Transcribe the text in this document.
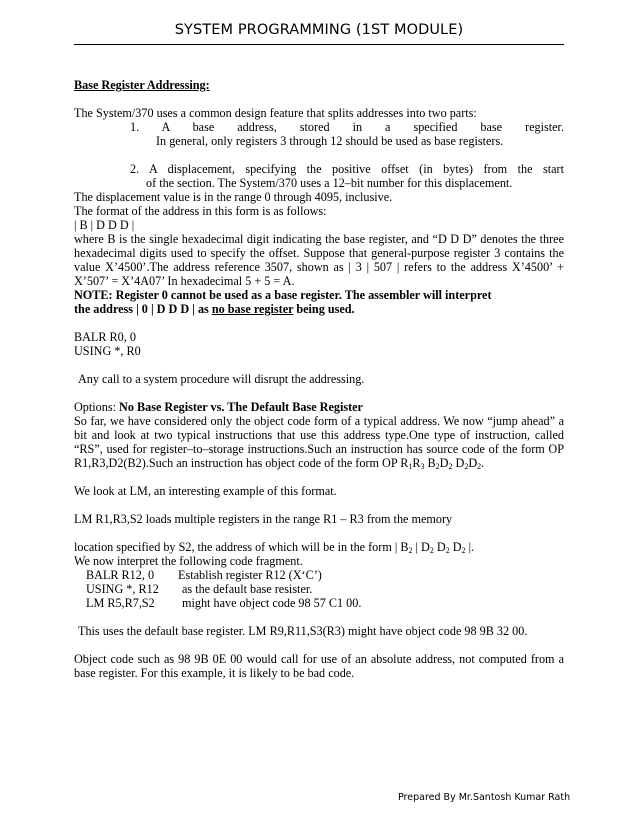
SYSTEM PROGRAMMING (1ST MODULE)

Base Register Addressing:

The System/370 uses a common design feature that splits addresses into two parts:

1. A base address, stored in a specified base register.

In general, only registers 3 through 12 should be used as base registers.

2. A displacement, specifying the positive offset (in bytes) from the start

of the section. The System/370 uses a 12–bit number for this displacement.

The displacement value is in the range 0 through 4095, inclusive.

The format of the address in this form is as follows:

| B | D D D |

where B is the single hexadecimal digit indicating the base register, and “D D D” denotes the three hexadecimal digits used to specify the offset. Suppose that general-purpose register 3 contains the value X’4500’.The address reference 3507, shown as | 3 | 507 | refers to the address X’4500’ + X’507’ = X’4A07’ In hexadecimal 5 + 5 = A.

NOTE: Register 0 cannot be used as a base register. The assembler will interpret

the address | 0 | D D D | as no base register being used.

BALR R0, 0

USING *, R0

Any call to a system procedure will disrupt the addressing.

Options: No Base Register vs. The Default Base Register

So far, we have considered only the object code form of a typical address. We now “jump ahead” a bit and look at two typical instructions that use this address type.One type of instruction, called “RS”, used for register–to–storage instructions.Such an instruction has source code of the form OP R1,R3,D2(B2).Such an instruction has object code of the form OP $R_1R_3$ $B_2D_2$ $D_2D_2$.

We look at LM, an interesting example of this format.

LM R1,R3,S2 loads multiple registers in the range R1 – R3 from the memory

location specified by S2, the address of which will be in the form | $B_2$ | $D_2$ $D_2$ $D_2$ |.

We now interpret the following code fragment.

BALR R12, 0 Establish register R12 (X‘C’)

USING *, R12 as the default base resister.

LM R5,R7,S2 might have object code 98 57 C1 00.

This uses the default base register. LM R9,R11,S3(R3) might have object code 98 9B 32 00.

Object code such as 98 9B 0E 00 would call for use of an absolute address, not computed from a base register. For this example, it is likely to be bad code.

Prepared By Mr.Santosh Kumar Rath
